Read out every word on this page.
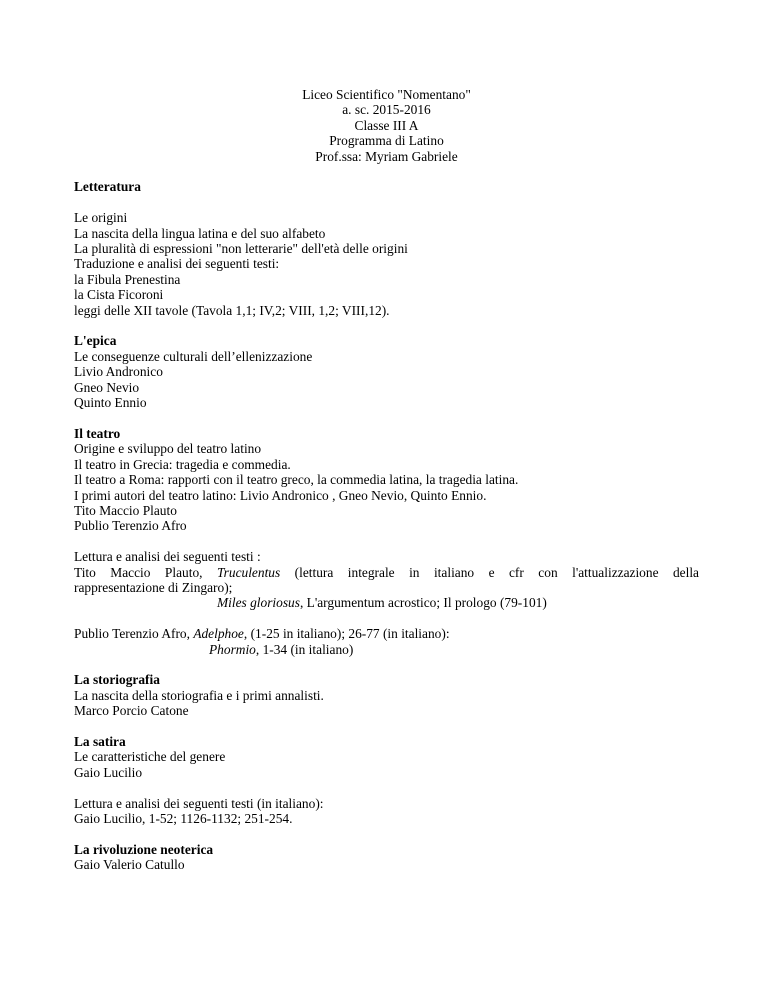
Liceo Scientifico "Nomentano"
a. sc. 2015-2016
Classe III A
Programma di Latino
Prof.ssa: Myriam Gabriele
Letteratura
Le origini
La nascita della lingua latina e del suo alfabeto
La pluralità di espressioni "non letterarie" dell'età delle origini
Traduzione e analisi dei seguenti testi:
la Fibula Prenestina
la Cista Ficoroni
leggi delle XII tavole (Tavola 1,1; IV,2; VIII, 1,2; VIII,12).
L'epica
Le conseguenze culturali dell’ellenizzazione
Livio Andronico
Gneo Nevio
Quinto Ennio
Il teatro
Origine e sviluppo del teatro latino
Il teatro in Grecia: tragedia e commedia.
Il teatro a Roma: rapporti con il teatro greco, la commedia latina, la tragedia latina.
I primi autori del teatro latino: Livio Andronico , Gneo Nevio, Quinto Ennio.
Tito Maccio Plauto
Publio Terenzio Afro
Lettura e analisi dei seguenti testi :
Tito Maccio Plauto, Truculentus (lettura integrale in italiano e cfr con l'attualizzazione della
rappresentazione di Zingaro);
Miles gloriosus, L'argumentum acrostico; Il prologo (79-101)
Publio Terenzio Afro, Adelphoe, (1-25 in italiano); 26-77 (in italiano):
Phormio, 1-34 (in italiano)
La storiografia
La nascita della storiografia e i primi annalisti.
Marco Porcio Catone
La satira
Le caratteristiche del genere
Gaio Lucilio
Lettura e analisi dei seguenti testi (in italiano):
Gaio Lucilio, 1-52; 1126-1132; 251-254.
La rivoluzione neoterica
Gaio Valerio Catullo
